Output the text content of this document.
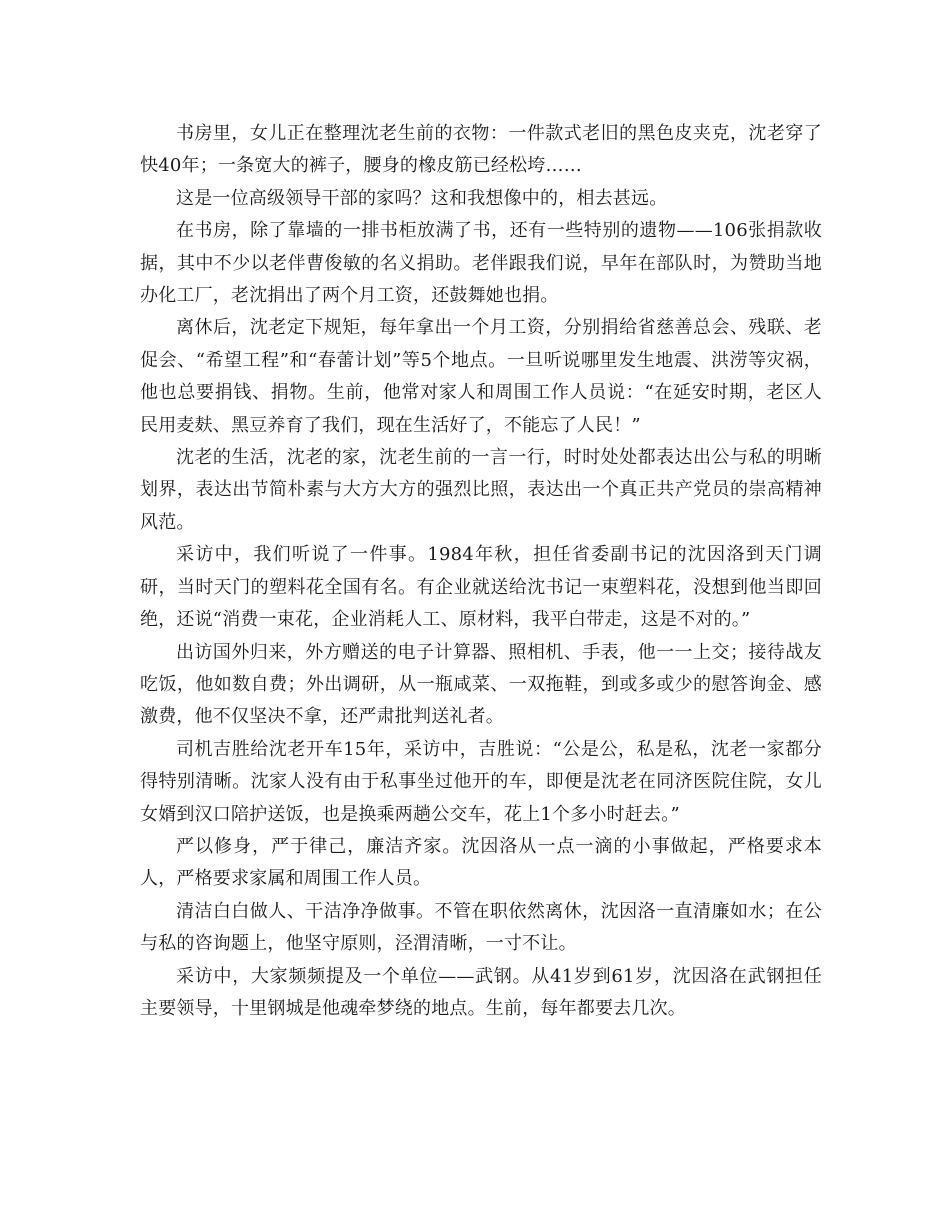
书房里，女儿正在整理沈老生前的衣物：一件款式老旧的黑色皮夹克，沈老穿了快40年；一条宽大的裤子，腰身的橡皮筋已经松垮……

这是一位高级领导干部的家吗？这和我想像中的，相去甚远。

在书房，除了靠墙的一排书柜放满了书，还有一些特别的遗物——106张捐款收据，其中不少以老伴曹俊敏的名义捐助。老伴跟我们说，早年在部队时，为赞助当地办化工厂，老沈捐出了两个月工资，还鼓舞她也捐。

离休后，沈老定下规矩，每年拿出一个月工资，分别捐给省慈善总会、残联、老促会、“希望工程”和“春蕾计划”等5个地点。一旦听说哪里发生地震、洪涝等灾祸，他也总要捐钱、捐物。生前，他常对家人和周围工作人员说：“在延安时期，老区人民用麦麸、黑豆养育了我们，现在生活好了，不能忘了人民！”

沈老的生活，沈老的家，沈老生前的一言一行，时时处处都表达出公与私的明晰划界，表达出节简朴素与大方大方的强烈比照，表达出一个真正共产党员的崇高精神风范。

采访中，我们听说了一件事。1984年秋，担任省委副书记的沈因洛到天门调研，当时天门的塑料花全国有名。有企业就送给沈书记一束塑料花，没想到他当即回绝，还说“消费一束花，企业消耗人工、原材料，我平白带走，这是不对的。”

出访国外归来，外方赠送的电子计算器、照相机、手表，他一一上交；接待战友吃饭，他如数自费；外出调研，从一瓶咸菜、一双拖鞋，到或多或少的慰答询金、感激费，他不仅坚决不拿，还严肃批判送礼者。

司机吉胜给沈老开车15年，采访中，吉胜说：“公是公，私是私，沈老一家都分得特别清晰。沈家人没有由于私事坐过他开的车，即便是沈老在同济医院住院，女儿女婿到汉口陪护送饭，也是换乘两趟公交车，花上1个多小时赶去。”

严以修身，严于律己，廉洁齐家。沈因洛从一点一滴的小事做起，严格要求本人，严格要求家属和周围工作人员。

清洁白白做人、干洁净净做事。不管在职依然离休，沈因洛一直清廉如水；在公与私的咨询题上，他坚守原则，泾渭清晰，一寸不让。

采访中，大家频频提及一个单位——武钢。从41岁到61岁，沈因洛在武钢担任主要领导，十里钢城是他魂牵梦绕的地点。生前，每年都要去几次。
